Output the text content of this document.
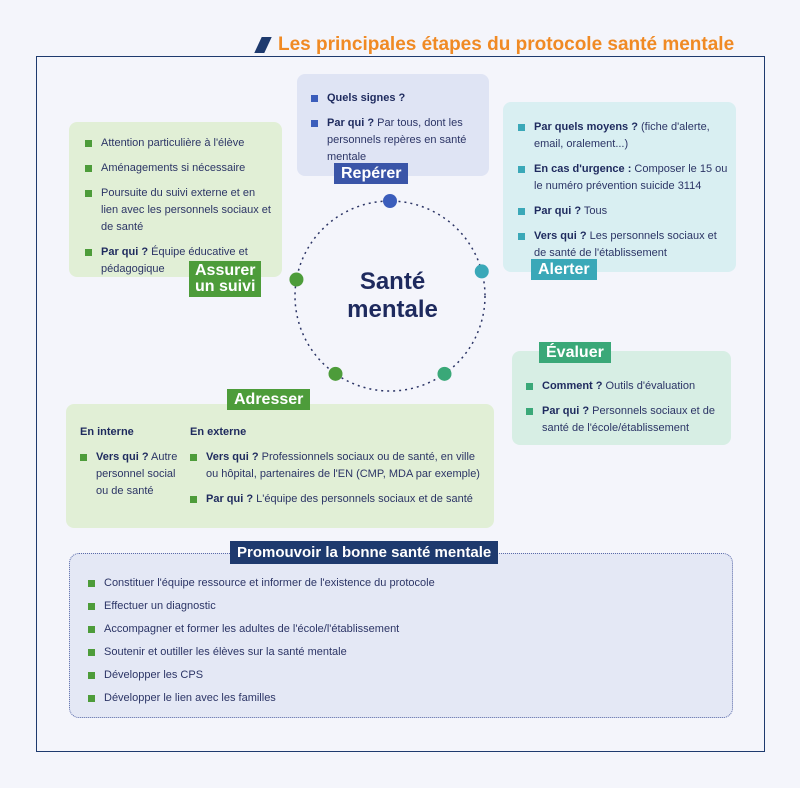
Les principales étapes du protocole santé mentale
Quels signes ?
Par qui ? Par tous, dont les personnels repères en santé mentale
Par quels moyens ? (fiche d'alerte, email, oralement...)
En cas d'urgence : Composer le 15 ou le numéro prévention suicide 3114
Par qui ? Tous
Vers qui ? Les personnels sociaux et de santé de l'établissement
Attention particulière à l'élève
Aménagements si nécessaire
Poursuite du suivi externe et en lien avec les personnels sociaux et de santé
Par qui ? Équipe éducative et pédagogique
Comment ? Outils d'évaluation
Par qui ? Personnels sociaux et de santé de l'école/établissement
En interne
Vers qui ? Autre personnel social ou de santé
En externe
Vers qui ? Professionnels sociaux ou de santé, en ville ou hôpital, partenaires de l'EN (CMP, MDA par exemple)
Par qui ? L'équipe des personnels sociaux et de santé
Constituer l'équipe ressource et informer de l'existence du protocole
Effectuer un diagnostic
Accompagner et former les adultes de l'école/l'établissement
Soutenir et outiller les élèves sur la santé mentale
Développer les CPS
Développer le lien avec les familles
Repérer
Alerter
Assurer
un suivi
Évaluer
Adresser
Promouvoir la bonne santé mentale
Santé
mentale
